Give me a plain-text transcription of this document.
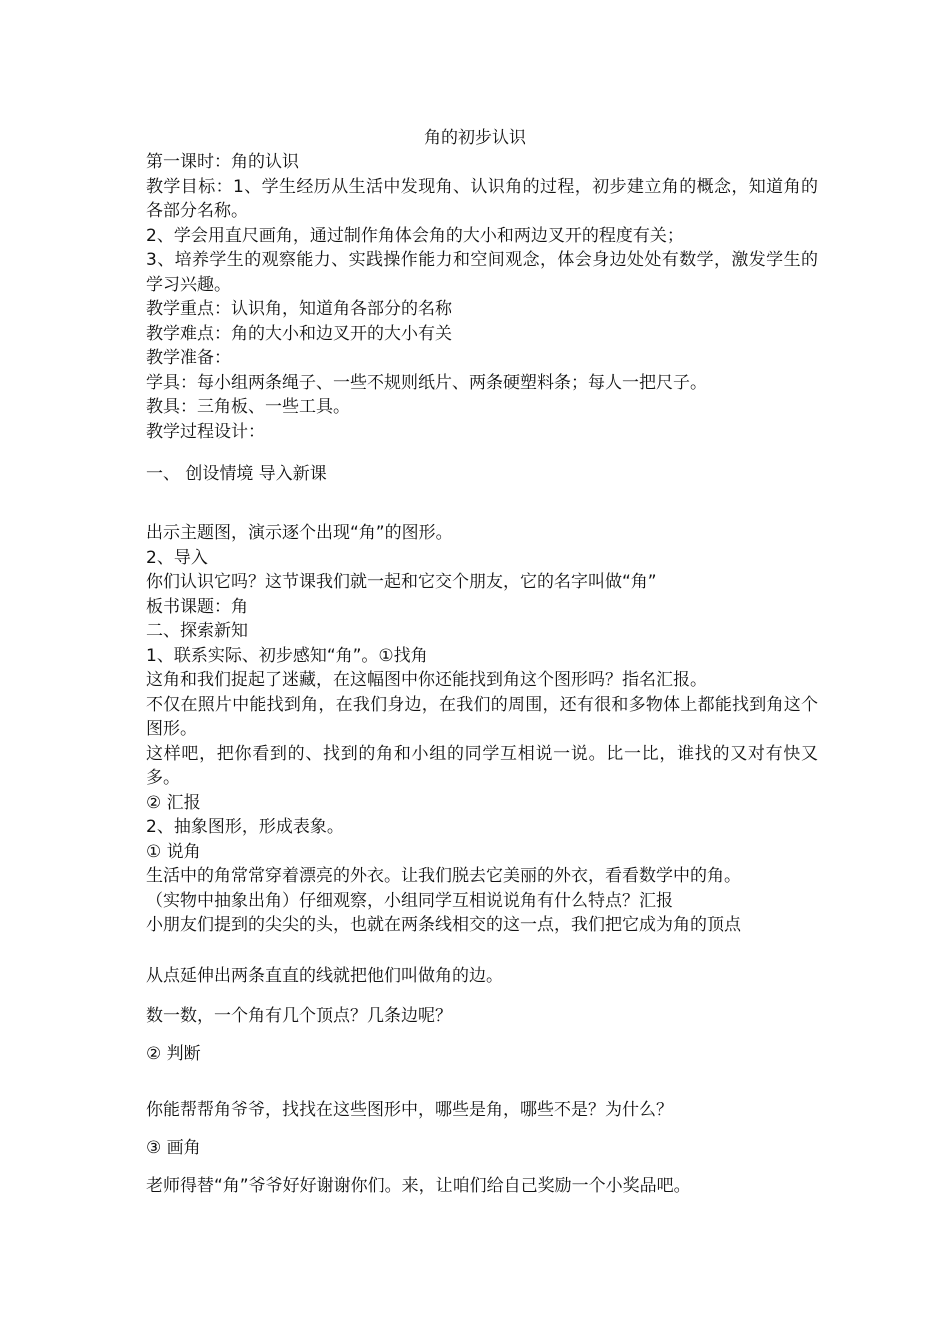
角的初步认识

第一课时：角的认识

教学目标：1、学生经历从生活中发现角、认识角的过程，初步建立角的概念，知道角的各部分名称。

2、学会用直尺画角，通过制作角体会角的大小和两边叉开的程度有关；

3、培养学生的观察能力、实践操作能力和空间观念，体会身边处处有数学，激发学生的学习兴趣。

教学重点：认识角，知道角各部分的名称

教学难点：角的大小和边叉开的大小有关

教学准备：

学具：每小组两条绳子、一些不规则纸片、两条硬塑料条；每人一把尺子。

教具：三角板、一些工具。

教学过程设计：

一、 创设情境 导入新课

出示主题图，演示逐个出现“角”的图形。

2、导入

你们认识它吗？这节课我们就一起和它交个朋友，它的名字叫做“角”

板书课题：角

二、探索新知

1、联系实际、初步感知“角”。①找角

这角和我们捉起了迷藏，在这幅图中你还能找到角这个图形吗？指名汇报。

不仅在照片中能找到角，在我们身边，在我们的周围，还有很和多物体上都能找到角这个图形。

这样吧，把你看到的、找到的角和小组的同学互相说一说。比一比，谁找的又对有快又多。

② 汇报

2、抽象图形，形成表象。

① 说角

生活中的角常常穿着漂亮的外衣。让我们脱去它美丽的外衣，看看数学中的角。

（实物中抽象出角）仔细观察，小组同学互相说说角有什么特点？汇报

小朋友们提到的尖尖的头，也就在两条线相交的这一点，我们把它成为角的顶点

从点延伸出两条直直的线就把他们叫做角的边。
数一数，一个角有几个顶点？几条边呢？
② 判断
你能帮帮角爷爷，找找在这些图形中，哪些是角，哪些不是？为什么？
③ 画角
老师得替“角”爷爷好好谢谢你们。来，让咱们给自己奖励一个小奖品吧。
